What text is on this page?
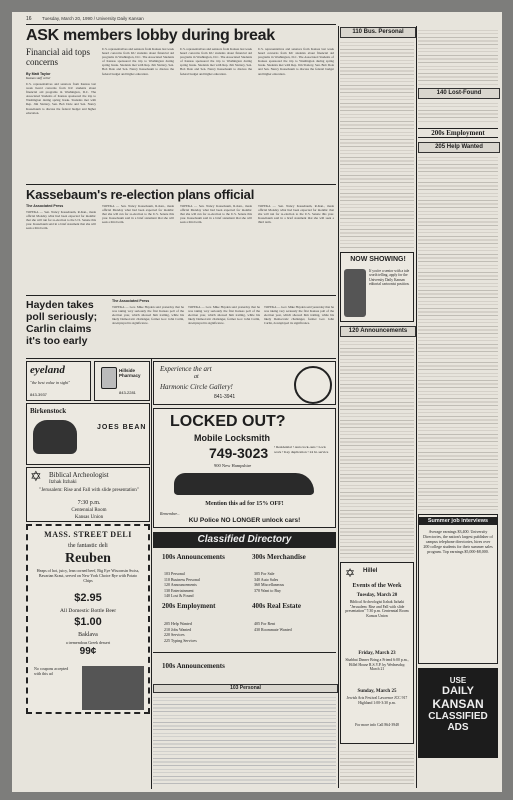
16 Tuesday, March 20, 1990 / University Daily Kansan
ASK members lobby during break
Financial aid tops concerns
By Matt Taylor
Kansan staff writer
U.S. representatives and senators from Kansas last week heard concerns from KU students about financial aid programs in Washington, D.C. The Associated Students of Kansas sponsored the trip to Washington during spring break. Students met with Rep. Jim Slattery, Sen. Bob Dole and Sen. Nancy Kassebaum to discuss the federal budget and higher education.
U.S. representatives and senators from Kansas last week heard concerns from KU students about financial aid programs in Washington, D.C. The Associated Students of Kansas sponsored the trip to Washington during spring break. Students met with Rep. Jim Slattery, Sen. Bob Dole and Sen. Nancy Kassebaum to discuss the federal budget and higher education.
U.S. representatives and senators from Kansas last week heard concerns from KU students about financial aid programs in Washington, D.C. The Associated Students of Kansas sponsored the trip to Washington during spring break. Students met with Rep. Jim Slattery, Sen. Bob Dole and Sen. Nancy Kassebaum to discuss the federal budget and higher education.
U.S. representatives and senators from Kansas last week heard concerns from KU students about financial aid programs in Washington, D.C. The Associated Students of Kansas sponsored the trip to Washington during spring break. Students met with Rep. Jim Slattery, Sen. Bob Dole and Sen. Nancy Kassebaum to discuss the federal budget and higher education.
Kassebaum's re-election plans official
The Associated Press
TOPEKA — Sen. Nancy Kassebaum, R-Kan., made official Monday what had been expected for months: that she will run for re-election to the U.S. Senate this year. Kassebaum said in a brief statement that she will seek a third term.
TOPEKA — Sen. Nancy Kassebaum, R-Kan., made official Monday what had been expected for months: that she will run for re-election to the U.S. Senate this year. Kassebaum said in a brief statement that she will seek a third term.
TOPEKA — Sen. Nancy Kassebaum, R-Kan., made official Monday what had been expected for months: that she will run for re-election to the U.S. Senate this year. Kassebaum said in a brief statement that she will seek a third term.
TOPEKA — Sen. Nancy Kassebaum, R-Kan., made official Monday what had been expected for months: that she will run for re-election to the U.S. Senate this year. Kassebaum said in a brief statement that she will seek a third term.
Hayden takes poll seriously; Carlin claims it's too early
The Associated Press
TOPEKA — Gov. Mike Hayden said yesterday that he was taking very seriously the first Kansas poll of the election year, which showed him trailing, while his likely Democratic challenger, former Gov. John Carlin, downplayed its significance.
TOPEKA — Gov. Mike Hayden said yesterday that he was taking very seriously the first Kansas poll of the election year, which showed him trailing, while his likely Democratic challenger, former Gov. John Carlin, downplayed its significance.
TOPEKA — Gov. Mike Hayden said yesterday that he was taking very seriously the first Kansas poll of the election year, which showed him trailing, while his likely Democratic challenger, former Gov. John Carlin, downplayed its significance.
eyeland
"the best value in sight"
843-3937
Hillside Pharmacy
843-2281
Birkenstock
JOES BEAN
✡	Biblical Archeologist
Itzhak Itzhaki
"Jerusalem: Rise and Fall with slide presentation"
7:30 p.m.
Centennial Room
Kansas Union
MASS. STREET DELI
the fantastic deli
Reuben
Heaps of hot, juicy, lean corned beef, Big Eye Wisconsin Swiss, Bavarian Kraut, served on New York Choice Rye with Potato Chips
$2.95
All Domestic Bottle Beer
$1.00
Baklava
a tremendous Greek dessert
99¢
No coupons accepted with this ad
Experience the art
at
Harmonic Circle Gallery!
841-3941
LOCKED OUT?
Mobile Locksmith
749-3023
900 New Hampshire
• Residential • Auto lock-outs • Lock work • Key duplication • 24 hr. service
Mention this ad for 15% OFF!
Remember...
KU Police NO LONGER unlock cars!
Classified Directory
100s Announcements
103 Personal
110 Business Personal
120 Announcements
130 Entertainment
140 Lost & Found
200s Employment
205 Help Wanted
210 Jobs Wanted
220 Services
225 Typing Services
300s Merchandise
305 For Sale
340 Auto Sales
360 Miscellaneous
370 Want to Buy
400s Real Estate
405 For Rent
430 Roommate Wanted
100s Announcements
103 Personal
110 Bus. Personal
NOW SHOWING!
If you're a senior with a tale worth telling, apply for the University Daily Kansan editorial cartoonist position.
120 Announcements
✡	Hillel
Events of the Week
Tuesday, March 20
Biblical Archeologist Itzhak Itzhaki "Jerusalem: Rise and Fall with slide presentation" 7:30 p.m. Centennial Room Kansas Union
Friday, March 23
Shabbat Dinner Bring a Friend 6:00 p.m., Hillel House R.S.V.P. by Wednesday, March 21
Sunday, March 25
Jewish Arts Festival Lawrence JCC 917 Highland 1:00-3:30 p.m.
For more info Call 864-3948
140 Lost-Found
200s Employment
205 Help Wanted
Summer job interviews
Average earnings $3,400. University Directories, the nation's largest publisher of campus telephone directories, hires over 200 college students for their summer sales program. Top earnings $5,000-$8,000.
USE
DAILY
KANSAN
CLASSIFIED
ADS
